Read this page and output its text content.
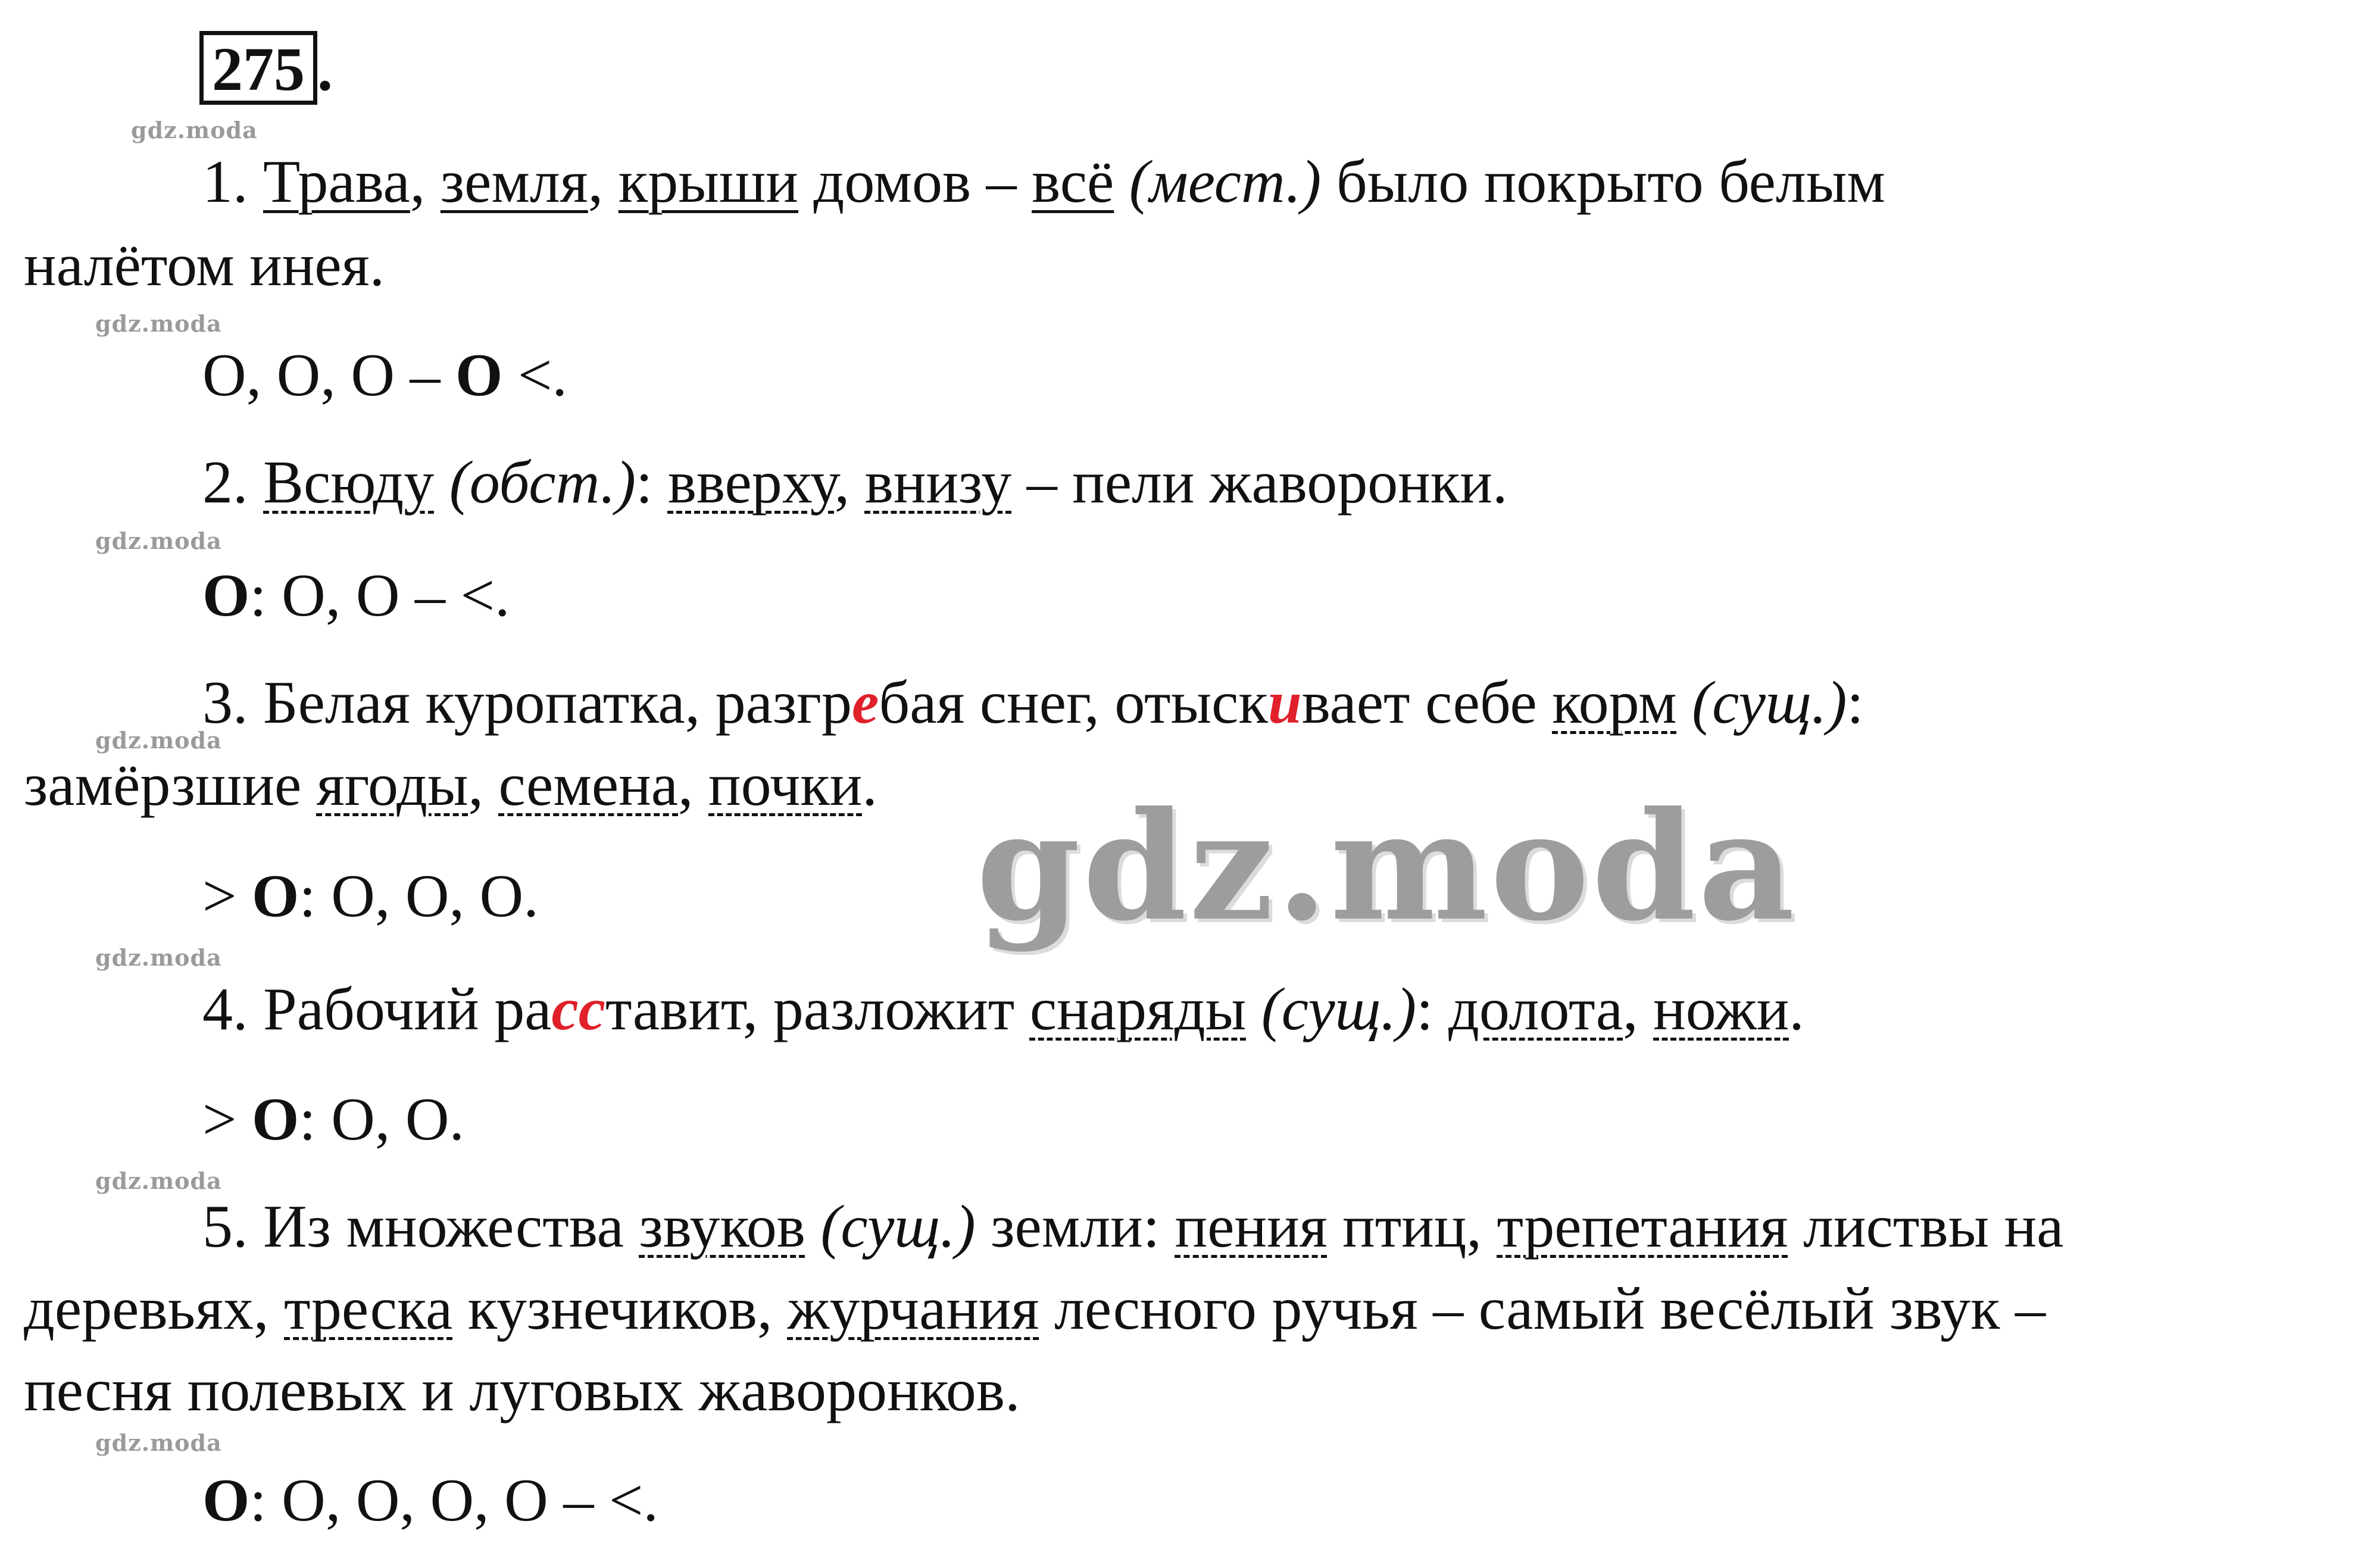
275 .
gdz.moda
gdz.moda
gdz.moda
gdz.moda
gdz.moda
gdz.moda
gdz.moda
1. Трава, земля, крыши домов – всё (мест.) было покрыто белым
налётом инея.
О, О, О – О <.
2. Всюду (обст.): вверху, внизу – пели жаворонки.
О: О, О – <.
3. Белая куропатка, разгребая снег, отыскивает себе корм (сущ.):
замёрзшие ягоды, семена, почки.
> О: О, О, О.
4. Рабочий расставит, разложит снаряды (сущ.): долота, ножи.
> О: О, О.
5. Из множества звуков (сущ.) земли: пения птиц, трепетания листвы на
деревьях, треска кузнечиков, журчания лесного ручья – самый весёлый звук –
песня полевых и луговых жаворонков.
О: О, О, О, О – <.
gdz.moda
